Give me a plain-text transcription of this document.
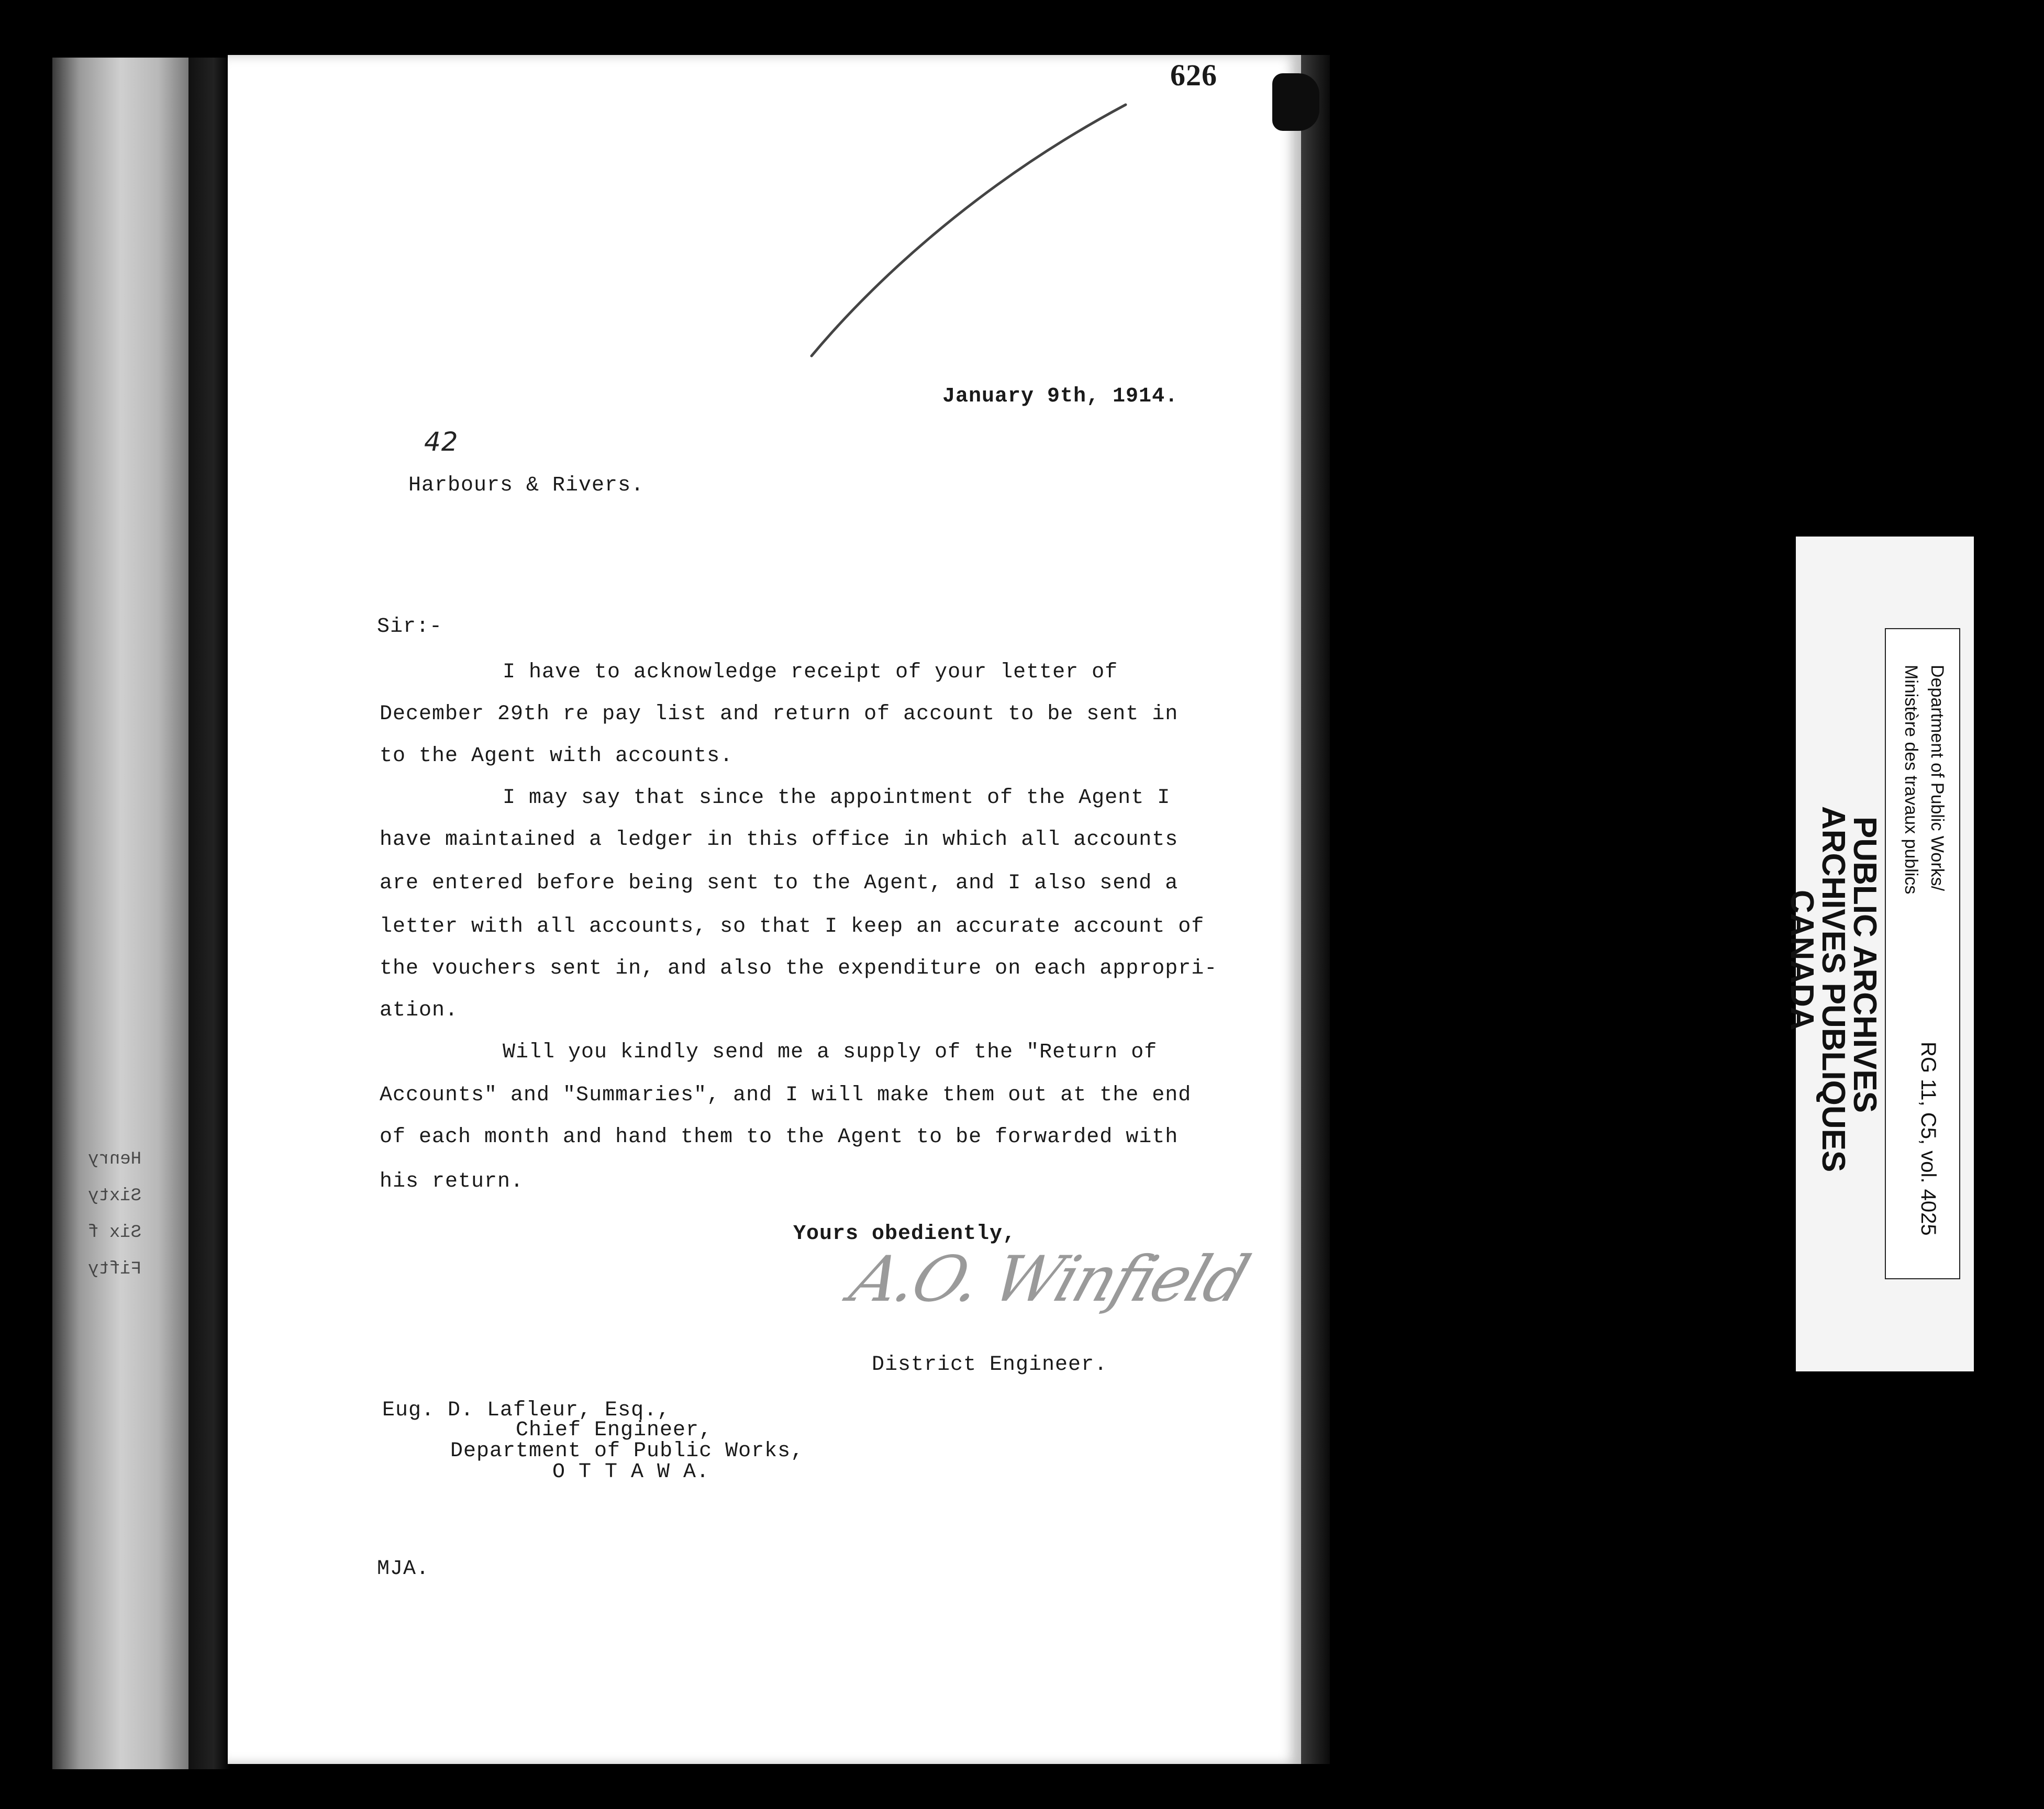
Henry
Sixty
Six f
Fifty
626
January 9th, 1914.
42
Harbours & Rivers.
Sir:-
I have to acknowledge receipt of your letter of
December 29th re pay list and return of account to be sent in
to the Agent with accounts.
I may say that since the appointment of the Agent I
have maintained a ledger in this office in which all accounts
are entered before being sent to the Agent, and I also send a
letter with all accounts, so that I keep an accurate account of
the vouchers sent in, and also the expenditure on each appropri-
ation.
Will you kindly send me a supply of the "Return of
Accounts" and "Summaries", and I will make them out at the end
of each month and hand them to the Agent to be forwarded with
his return.
Yours obediently,
A.O. Winfield
District Engineer.
Eug. D. Lafleur, Esq.,
Chief Engineer,
Department of Public Works,
O T T A W A.
MJA.
PUBLIC ARCHIVES
ARCHIVES PUBLIQUES
CANADA
Department of Public Works/
Ministère des travaux publics
RG 11, C5, vol. 4025
